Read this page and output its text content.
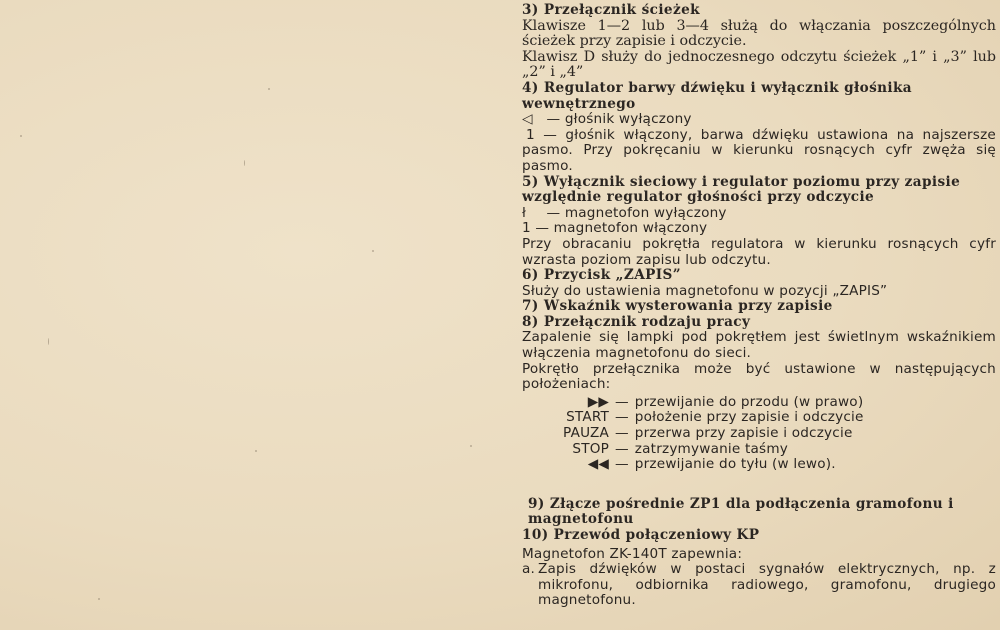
3) Przełącznik ścieżek
Klawisze 1—2 lub 3—4 służą do włączania poszczególnych ścieżek przy zapisie i odczycie.
Klawisz D służy do jednoczesnego odczytu ścieżek „1” i „3” lub „2” i „4”
4) Regulator barwy dźwięku i wyłącznik głośnika wewnętrznego
◁ — głośnik wyłączony
1 — głośnik włączony, barwa dźwięku ustawiona na najszersze pasmo. Przy pokręcaniu w kierunku rosnących cyfr zwęża się pasmo.
5) Wyłącznik sieciowy i regulator poziomu przy zapisie względnie regulator głośności przy odczycie
ł — magnetofon wyłączony
1 — magnetofon włączony
Przy obracaniu pokrętła regulatora w kierunku rosnących cyfr wzrasta poziom zapisu lub odczytu.
6) Przycisk „ZAPIS”
Służy do ustawienia magnetofonu w pozycji „ZAPIS”
7) Wskaźnik wysterowania przy zapisie
8) Przełącznik rodzaju pracy
Zapalenie się lampki pod pokrętłem jest świetlnym wskaźnikiem włączenia magnetofonu do sieci.
Pokrętło przełącznika może być ustawione w następujących położeniach:
▶▶ — przewijanie do przodu (w prawo)
START — położenie przy zapisie i odczycie
PAUZA — przerwa przy zapisie i odczycie
STOP — zatrzymywanie taśmy
◀◀ — przewijanie do tyłu (w lewo).
9) Złącze pośrednie ZP1 dla podłączenia gramofonu i magnetofonu
10) Przewód połączeniowy KP
Magnetofon ZK-140T zapewnia:
a. Zapis dźwięków w postaci sygnałów elektrycznych, np. z mikrofonu, odbiornika radiowego, gramofonu, drugiego magnetofonu.
